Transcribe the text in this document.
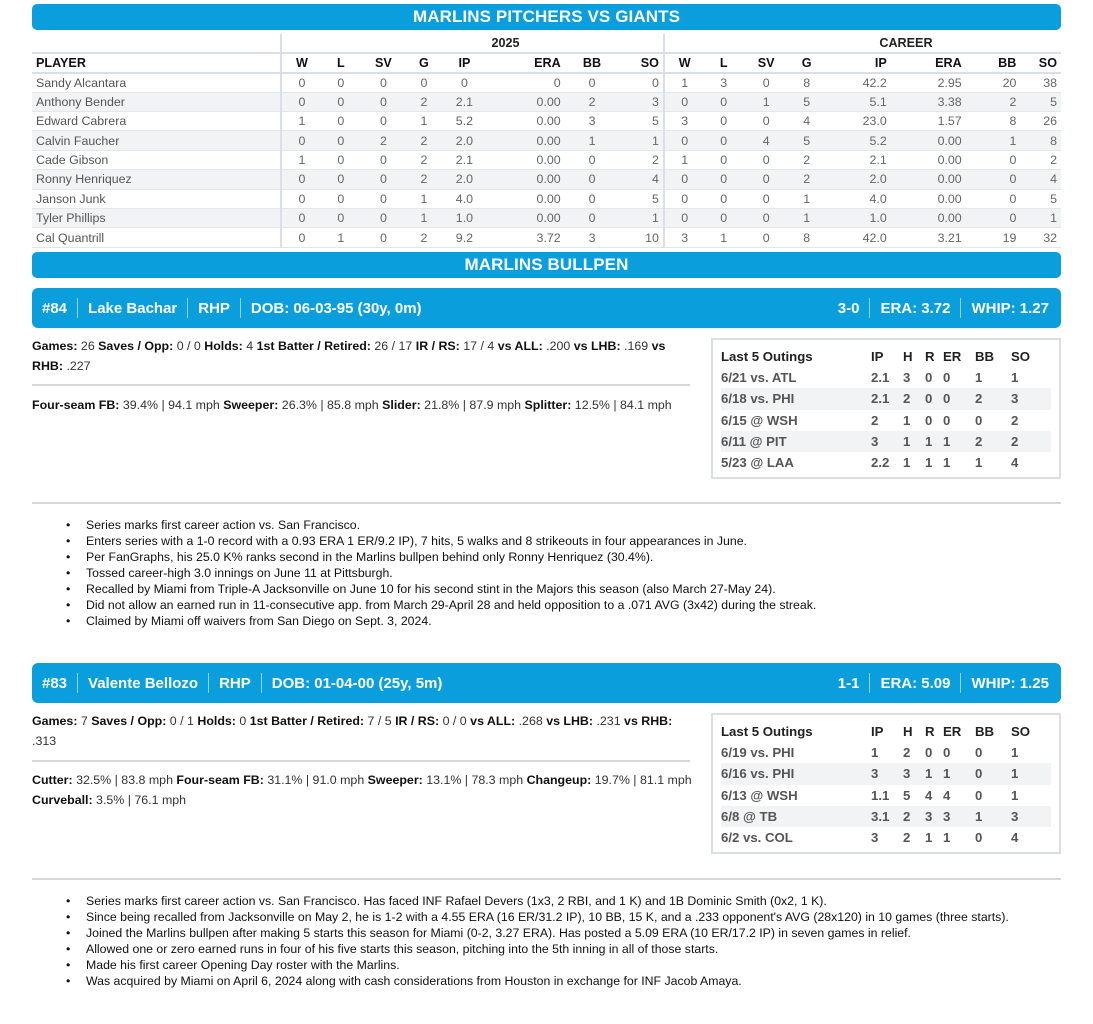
MARLINS PITCHERS VS GIANTS
	2025								CAREER							
PLAYER	W	L	SV	G	IP	ERA	BB	SO	W	L	SV	G	IP	ERA	BB	SO
Sandy Alcantara	0	0	0	0	0	0	0	0	1	3	0	8	42.2	2.95	20	38
Anthony Bender	0	0	0	2	2.1	0.00	2	3	0	0	1	5	5.1	3.38	2	5
Edward Cabrera	1	0	0	1	5.2	0.00	3	5	3	0	0	4	23.0	1.57	8	26
Calvin Faucher	0	0	2	2	2.0	0.00	1	1	0	0	4	5	5.2	0.00	1	8
Cade Gibson	1	0	0	2	2.1	0.00	0	2	1	0	0	2	2.1	0.00	0	2
Ronny Henriquez	0	0	0	2	2.0	0.00	0	4	0	0	0	2	2.0	0.00	0	4
Janson Junk	0	0	0	1	4.0	0.00	0	5	0	0	0	1	4.0	0.00	0	5
Tyler Phillips	0	0	0	1	1.0	0.00	0	1	0	0	0	1	1.0	0.00	0	1
Cal Quantrill	0	1	0	2	9.2	3.72	3	10	3	1	0	8	42.0	3.21	19	32
MARLINS BULLPEN
#84 Lake Bachar RHP DOB: 06-03-95 (30y, 0m)	3-0 ERA: 3.72 WHIP: 1.27
Games: 26 Saves / Opp: 0 / 0 Holds: 4 1st Batter / Retired: 26 / 17 IR / RS: 17 / 4 vs ALL: .200 vs LHB: .169 vs RHB: .227
Four-seam FB: 39.4% | 94.1 mph Sweeper: 26.3% | 85.8 mph Slider: 21.8% | 87.9 mph Splitter: 12.5% | 84.1 mph
Last 5 Outings	IP	H	R	ER	BB	SO
6/21 vs. ATL	2.1	3	0	0	1	1
6/18 vs. PHI	2.1	2	0	0	2	3
6/15 @ WSH	2	1	0	0	0	2
6/11 @ PIT	3	1	1	1	2	2
5/23 @ LAA	2.2	1	1	1	1	4
• Series marks first career action vs. San Francisco.
• Enters series with a 1-0 record with a 0.93 ERA 1 ER/9.2 IP), 7 hits, 5 walks and 8 strikeouts in four appearances in June.
• Per FanGraphs, his 25.0 K% ranks second in the Marlins bullpen behind only Ronny Henriquez (30.4%).
• Tossed career-high 3.0 innings on June 11 at Pittsburgh.
• Recalled by Miami from Triple-A Jacksonville on June 10 for his second stint in the Majors this season (also March 27-May 24).
• Did not allow an earned run in 11-consecutive app. from March 29-April 28 and held opposition to a .071 AVG (3x42) during the streak.
• Claimed by Miami off waivers from San Diego on Sept. 3, 2024.
#83 Valente Bellozo RHP DOB: 01-04-00 (25y, 5m)	1-1 ERA: 5.09 WHIP: 1.25
Games: 7 Saves / Opp: 0 / 1 Holds: 0 1st Batter / Retired: 7 / 5 IR / RS: 0 / 0 vs ALL: .268 vs LHB: .231 vs RHB: .313
Cutter: 32.5% | 83.8 mph Four-seam FB: 31.1% | 91.0 mph Sweeper: 13.1% | 78.3 mph Changeup: 19.7% | 81.1 mph Curveball: 3.5% | 76.1 mph
Last 5 Outings	IP	H	R	ER	BB	SO
6/19 vs. PHI	1	2	0	0	0	1
6/16 vs. PHI	3	3	1	1	0	1
6/13 @ WSH	1.1	5	4	4	0	1
6/8 @ TB	3.1	2	3	3	1	3
6/2 vs. COL	3	2	1	1	0	4
• Series marks first career action vs. San Francisco. Has faced INF Rafael Devers (1x3, 2 RBI, and 1 K) and 1B Dominic Smith (0x2, 1 K).
• Since being recalled from Jacksonville on May 2, he is 1-2 with a 4.55 ERA (16 ER/31.2 IP), 10 BB, 15 K, and a .233 opponent's AVG (28x120) in 10 games (three starts).
• Joined the Marlins bullpen after making 5 starts this season for Miami (0-2, 3.27 ERA). Has posted a 5.09 ERA (10 ER/17.2 IP) in seven games in relief.
• Allowed one or zero earned runs in four of his five starts this season, pitching into the 5th inning in all of those starts.
• Made his first career Opening Day roster with the Marlins.
• Was acquired by Miami on April 6, 2024 along with cash considerations from Houston in exchange for INF Jacob Amaya.
